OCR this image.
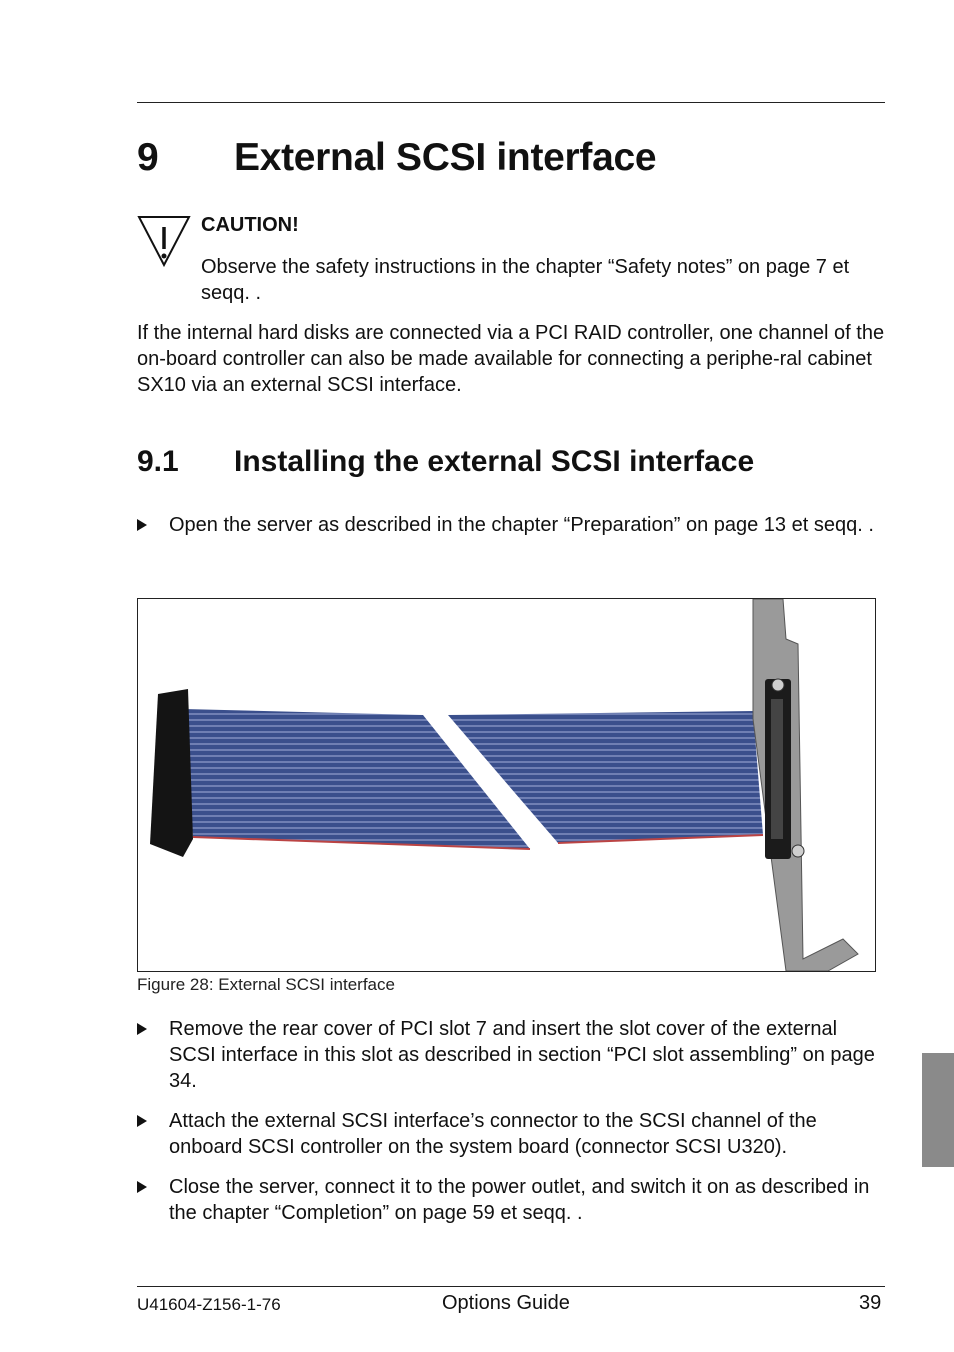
9 External SCSI interface
CAUTION!
Observe the safety instructions in the chapter “Safety notes” on page 7 et seqq. .
If the internal hard disks are connected via a PCI RAID controller, one channel of the on-board controller can also be made available for connecting a periphe-ral cabinet SX10 via an external SCSI interface.
9.1 Installing the external SCSI interface
Open the server as described in the chapter “Preparation” on page 13 et seqq. .
Figure 28: External SCSI interface
Remove the rear cover of PCI slot 7 and insert the slot cover of the external SCSI interface in this slot as described in section “PCI slot assembling” on page 34.
Attach the external SCSI interface’s connector to the SCSI channel of the onboard SCSI controller on the system board (connector SCSI U320).
Close the server, connect it to the power outlet, and switch it on as described in the chapter “Completion” on page 59 et seqq. .
U41604-Z156-1-76	Options Guide	39
